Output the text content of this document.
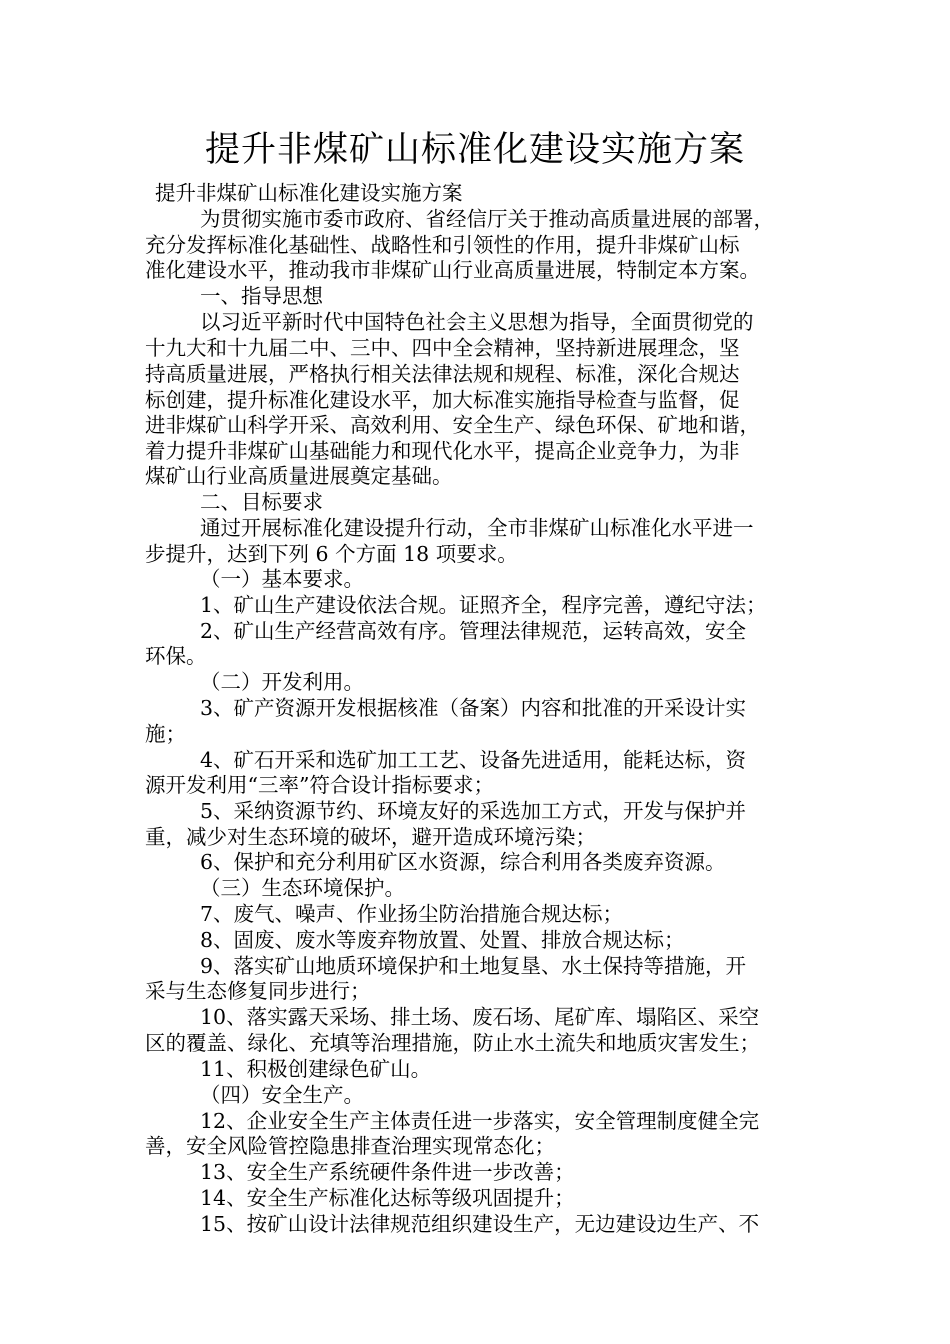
提升非煤矿山标准化建设实施方案
提升非煤矿山标准化建设实施方案
为贯彻实施市委市政府、省经信厅关于推动高质量进展的部署，
充分发挥标准化基础性、战略性和引领性的作用，提升非煤矿山标
准化建设水平，推动我市非煤矿山行业高质量进展，特制定本方案。
一、指导思想
以习近平新时代中国特色社会主义思想为指导，全面贯彻党的
十九大和十九届二中、三中、四中全会精神，坚持新进展理念，坚
持高质量进展，严格执行相关法律法规和规程、标准，深化合规达
标创建，提升标准化建设水平，加大标准实施指导检查与监督，促
进非煤矿山科学开采、高效利用、安全生产、绿色环保、矿地和谐，
着力提升非煤矿山基础能力和现代化水平，提高企业竞争力，为非
煤矿山行业高质量进展奠定基础。
二、目标要求
通过开展标准化建设提升行动，全市非煤矿山标准化水平进一
步提升，达到下列 6 个方面 18 项要求。
（一）基本要求。
1、矿山生产建设依法合规。证照齐全，程序完善，遵纪守法；
2、矿山生产经营高效有序。管理法律规范，运转高效，安全
环保。
（二）开发利用。
3、矿产资源开发根据核准（备案）内容和批准的开采设计实
施；
4、矿石开采和选矿加工工艺、设备先进适用，能耗达标，资
源开发利用“三率”符合设计指标要求；
5、采纳资源节约、环境友好的采选加工方式，开发与保护并
重，减少对生态环境的破坏，避开造成环境污染；
6、保护和充分利用矿区水资源，综合利用各类废弃资源。
（三）生态环境保护。
7、废气、噪声、作业扬尘防治措施合规达标；
8、固废、废水等废弃物放置、处置、排放合规达标；
9、落实矿山地质环境保护和土地复垦、水土保持等措施，开
采与生态修复同步进行；
10、落实露天采场、排土场、废石场、尾矿库、塌陷区、采空
区的覆盖、绿化、充填等治理措施，防止水土流失和地质灾害发生；
11、积极创建绿色矿山。
（四）安全生产。
12、企业安全生产主体责任进一步落实，安全管理制度健全完
善，安全风险管控隐患排查治理实现常态化；
13、安全生产系统硬件条件进一步改善；
14、安全生产标准化达标等级巩固提升；
15、按矿山设计法律规范组织建设生产，无边建设边生产、不
